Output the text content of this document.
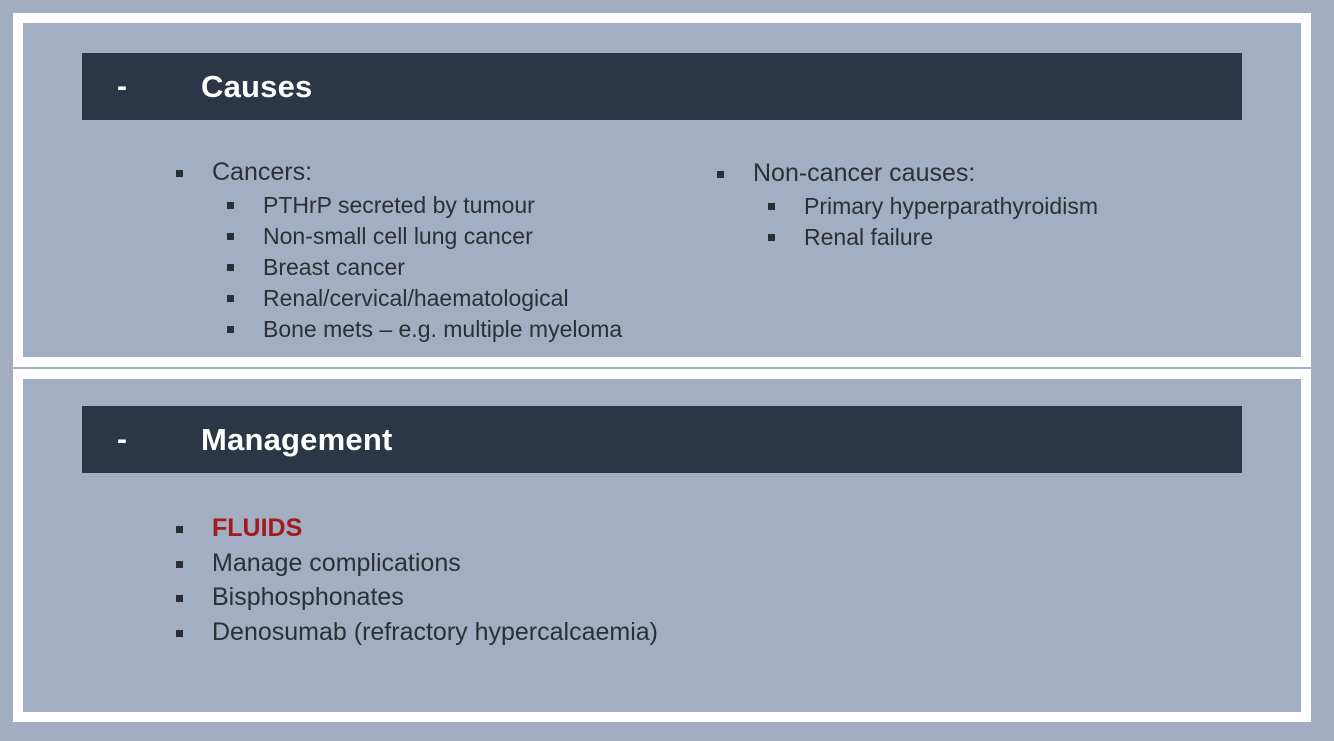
- Causes
Cancers:
PTHrP secreted by tumour
Non-small cell lung cancer
Breast cancer
Renal/cervical/haematological
Bone mets – e.g. multiple myeloma
Non-cancer causes:
Primary hyperparathyroidism
Renal failure
- Management
FLUIDS
Manage complications
Bisphosphonates
Denosumab (refractory hypercalcaemia)
